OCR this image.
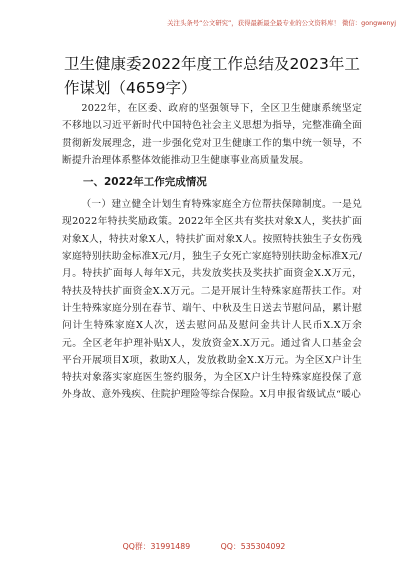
关注头条号“公文研究”，获得最新最全最专业的公文资料库！ 微信：gongwenyj
卫生健康委2022年度工作总结及2023年工作谋划（4659字）

2022年，在区委、政府的坚强领导下，全区卫生健康系统坚定不移地以习近平新时代中国特色社会主义思想为指导，完整准确全面贯彻新发展理念，进一步强化党对卫生健康工作的集中统一领导，不断提升治理体系整体效能推动卫生健康事业高质量发展。

一、2022年工作完成情况

（一）建立健全计划生育特殊家庭全方位帮扶保障制度。一是兑现2022年特扶奖励政策。2022年全区共有奖扶对象X人，奖扶扩面对象X人，特扶对象X人，特扶扩面对象X人。按照特扶独生子女伤残家庭特别扶助金标准X元/月，独生子女死亡家庭特别扶助金标准X元/月。特扶扩面每人每年X元，共发放奖扶及奖扶扩面资金X.X万元，特扶及特扶扩面资金X.X万元。二是开展计生特殊家庭帮扶工作。对计生特殊家庭分别在春节、端午、中秋及生日送去节慰问品，累计慰问计生特殊家庭X人次，送去慰问品及慰问金共计人民币X.X万余元。全区老年护理补贴X人，发放资金X.X万元。通过省人口基金会平台开展项目X项，救助X人，发放救助金X.X万元。为全区X户计生特扶对象落实家庭医生签约服务，为全区X户计生特殊家庭投保了意外身故、意外残疾、住院护理险等综合保险。X月申报省级试点“暖心

QQ群：31991489	QQ：535304092
